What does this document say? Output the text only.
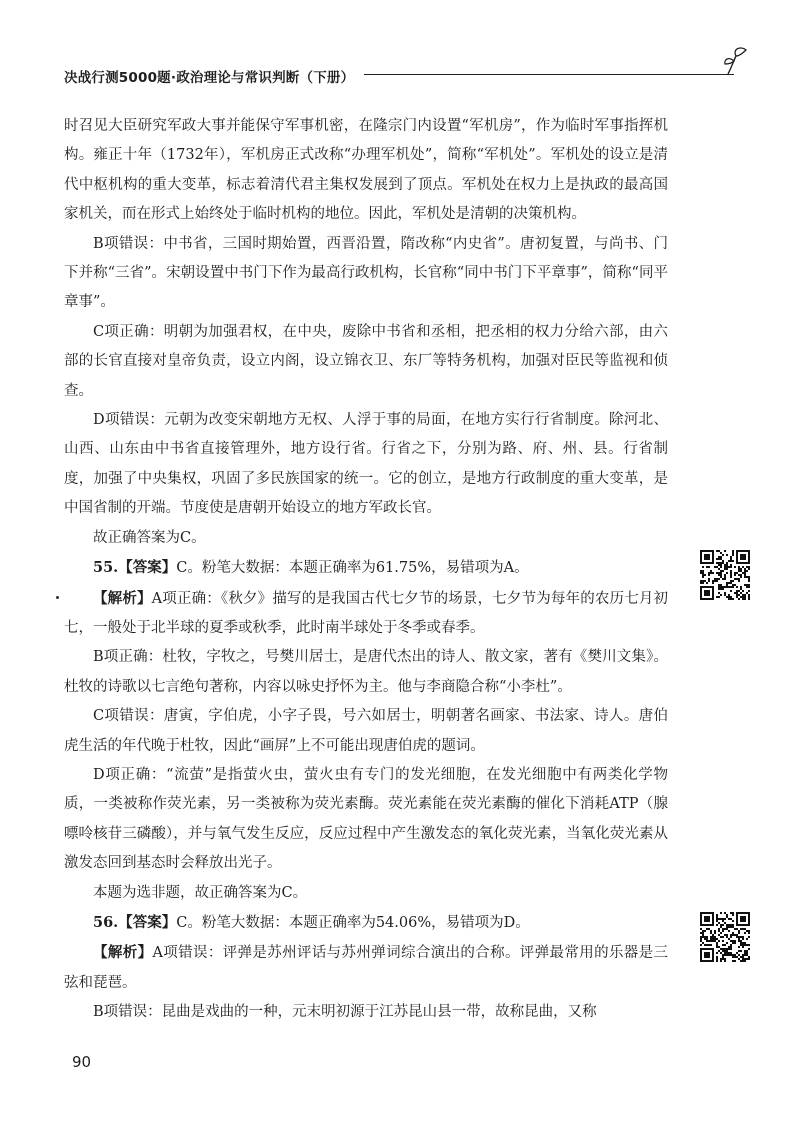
决战行测5000题·政治理论与常识判断（下册）

时召见大臣研究军政大事并能保守军事机密，在隆宗门内设置“军机房”，作为临时军事指挥机构。雍正十年（1732年），军机房正式改称“办理军机处”，简称“军机处”。军机处的设立是清代中枢机构的重大变革，标志着清代君主集权发展到了顶点。军机处在权力上是执政的最高国家机关，而在形式上始终处于临时机构的地位。因此，军机处是清朝的决策机构。

B项错误：中书省，三国时期始置，西晋沿置，隋改称“内史省”。唐初复置，与尚书、门下并称“三省”。宋朝设置中书门下作为最高行政机构，长官称“同中书门下平章事”，简称“同平章事”。

C项正确：明朝为加强君权，在中央，废除中书省和丞相，把丞相的权力分给六部，由六部的长官直接对皇帝负责，设立内阁，设立锦衣卫、东厂等特务机构，加强对臣民等监视和侦查。

D项错误：元朝为改变宋朝地方无权、人浮于事的局面，在地方实行行省制度。除河北、山西、山东由中书省直接管理外，地方设行省。行省之下，分别为路、府、州、县。行省制度，加强了中央集权，巩固了多民族国家的统一。它的创立，是地方行政制度的重大变革，是中国省制的开端。节度使是唐朝开始设立的地方军政长官。

故正确答案为C。

55.【答案】C。粉笔大数据：本题正确率为61.75%，易错项为A。

【解析】A项正确：《秋夕》描写的是我国古代七夕节的场景，七夕节为每年的农历七月初七，一般处于北半球的夏季或秋季，此时南半球处于冬季或春季。

B项正确：杜牧，字牧之，号樊川居士，是唐代杰出的诗人、散文家，著有《樊川文集》。杜牧的诗歌以七言绝句著称，内容以咏史抒怀为主。他与李商隐合称“小李杜”。

C项错误：唐寅，字伯虎，小字子畏，号六如居士，明朝著名画家、书法家、诗人。唐伯虎生活的年代晚于杜牧，因此“画屏”上不可能出现唐伯虎的题词。

D项正确：“流萤”是指萤火虫，萤火虫有专门的发光细胞，在发光细胞中有两类化学物质，一类被称作荧光素，另一类被称为荧光素酶。荧光素能在荧光素酶的催化下消耗ATP（腺嘌呤核苷三磷酸），并与氧气发生反应，反应过程中产生激发态的氧化荧光素，当氧化荧光素从激发态回到基态时会释放出光子。

本题为选非题，故正确答案为C。

56.【答案】C。粉笔大数据：本题正确率为54.06%，易错项为D。

【解析】A项错误：评弹是苏州评话与苏州弹词综合演出的合称。评弹最常用的乐器是三弦和琵琶。

B项错误：昆曲是戏曲的一种，元末明初源于江苏昆山县一带，故称昆曲，又称

90
